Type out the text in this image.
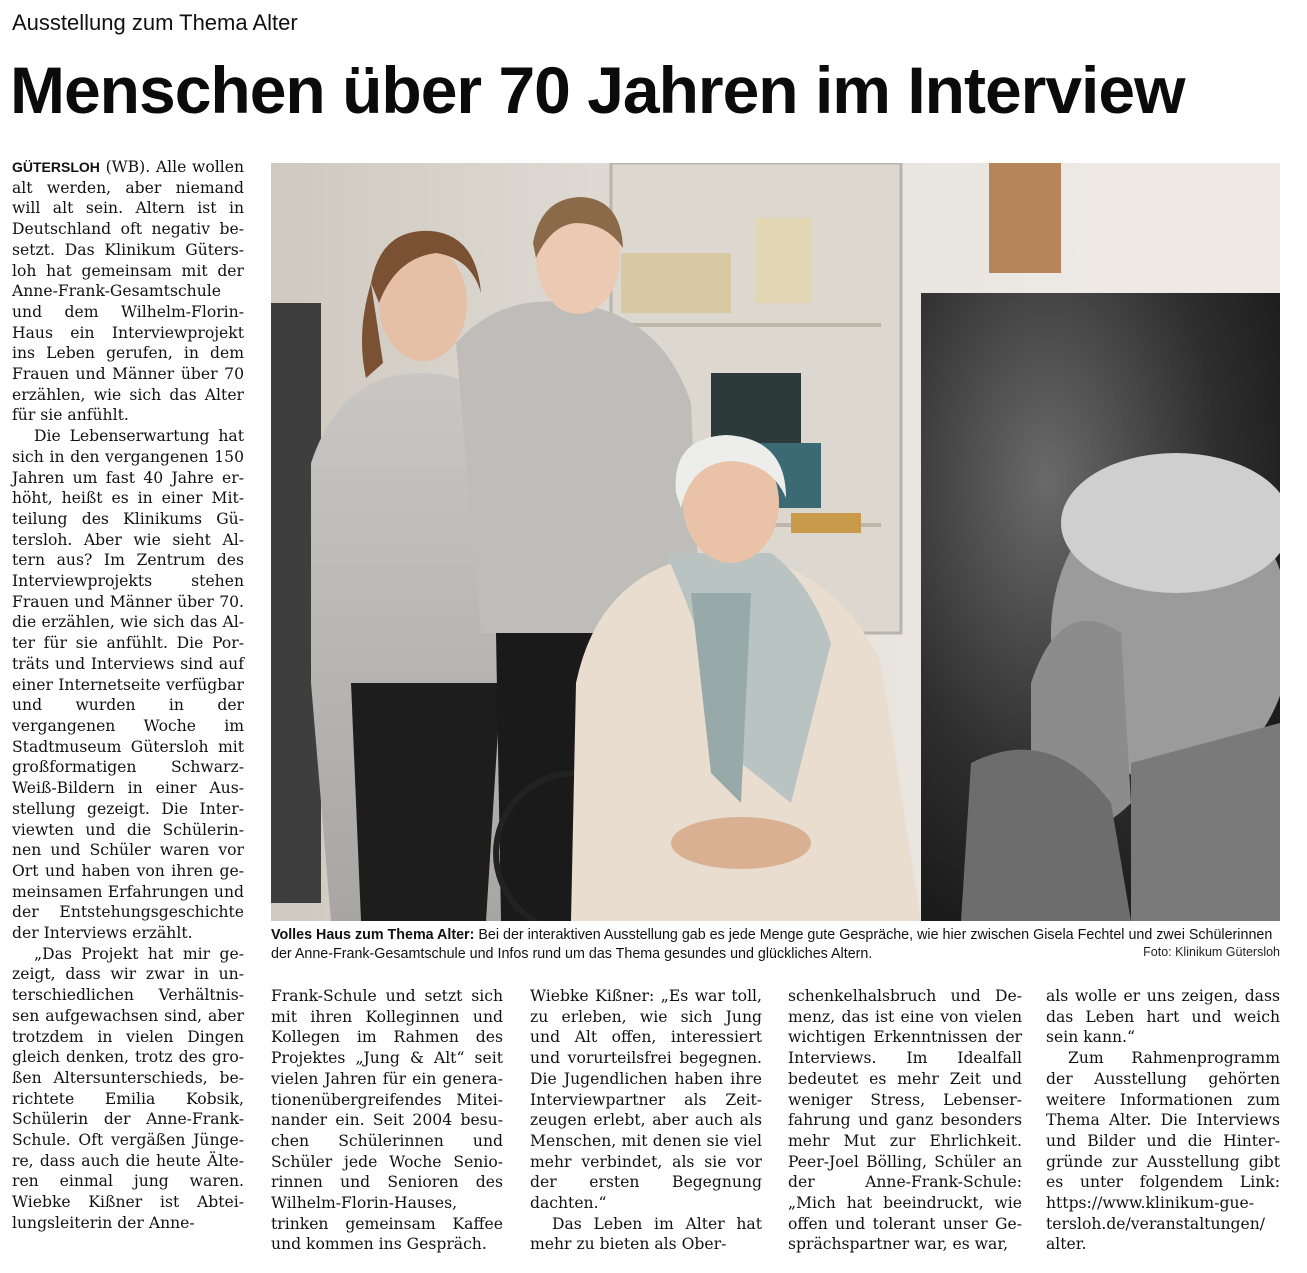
Ausstellung zum Thema Alter
Menschen über 70 Jahren im Interview

GÜTERSLOH (WB). Alle wollen alt werden, aber niemand will alt sein. Altern ist in Deutschland oft negativ besetzt. Das Klinikum Gütersloh hat gemeinsam mit der Anne-Frank-Gesamtschule und dem Wilhelm-Florin-Haus ein Interviewprojekt ins Leben gerufen, in dem Frauen und Männer über 70 erzählen, wie sich das Alter für sie anfühlt.

Die Lebenserwartung hat sich in den vergangenen 150 Jahren um fast 40 Jahre erhöht, heißt es in einer Mitteilung des Klinikums Gütersloh. Aber wie sieht Altern aus? Im Zentrum des Interviewprojekts stehen Frauen und Männer über 70. die erzählen, wie sich das Alter für sie anfühlt. Die Porträts und Interviews sind auf einer Internetseite verfügbar und wurden in der vergangenen Woche im Stadtmuseum Gütersloh mit großformatigen Schwarz-Weiß-Bildern in einer Ausstellung gezeigt. Die Interviewten und die Schülerinnen und Schüler waren vor Ort und haben von ihren gemeinsamen Erfahrungen und der Entstehungsgeschichte der Interviews erzählt.

„Das Projekt hat mir gezeigt, dass wir zwar in unterschiedlichen Verhältnissen aufgewachsen sind, aber trotzdem in vielen Dingen gleich denken, trotz des großen Altersunterschieds, berichtete Emilia Kobsik, Schülerin der Anne-Frank-Schule. Oft vergäßen Jüngere, dass auch die heute Älteren einmal jung waren. Wiebke Kißner ist Abteilungsleiterin der Anne-

Volles Haus zum Thema Alter: Bei der interaktiven Ausstellung gab es jede Menge gute Gespräche, wie hier zwischen Gisela Fechtel und zwei Schülerinnen der Anne-Frank-Gesamtschule und Infos rund um das Thema gesundes und glückliches Altern.	Foto: Klinikum Gütersloh

Frank-Schule und setzt sich mit ihren Kolleginnen und Kollegen im Rahmen des Projektes „Jung & Alt“ seit vielen Jahren für ein generationenübergreifendes Miteinander ein. Seit 2004 besuchen Schülerinnen und Schüler jede Woche Seniorinnen und Senioren des Wilhelm-Florin-Hauses, trinken gemeinsam Kaffee und kommen ins Gespräch.

Wiebke Kißner: „Es war toll, zu erleben, wie sich Jung und Alt offen, interessiert und vorurteilsfrei begegnen. Die Jugendlichen haben ihre Interviewpartner als Zeitzeugen erlebt, aber auch als Menschen, mit denen sie viel mehr verbindet, als sie vor der ersten Begegnung dachten.“

Das Leben im Alter hat mehr zu bieten als Ober-

schenkelhalsbruch und Demenz, das ist eine von vielen wichtigen Erkenntnissen der Interviews. Im Idealfall bedeutet es mehr Zeit und weniger Stress, Lebenserfahrung und ganz besonders mehr Mut zur Ehrlichkeit. Peer-Joel Bölling, Schüler an der Anne-Frank-Schule: „Mich hat beeindruckt, wie offen und tolerant unser Gesprächspartner war, es war,

als wolle er uns zeigen, dass das Leben hart und weich sein kann.“

Zum Rahmenprogramm der Ausstellung gehörten weitere Informationen zum Thema Alter. Die Interviews und Bilder und die Hintergründe zur Ausstellung gibt es unter folgendem Link: https://www.klinikum-guetersloh.de/veranstaltungen/ alter.
